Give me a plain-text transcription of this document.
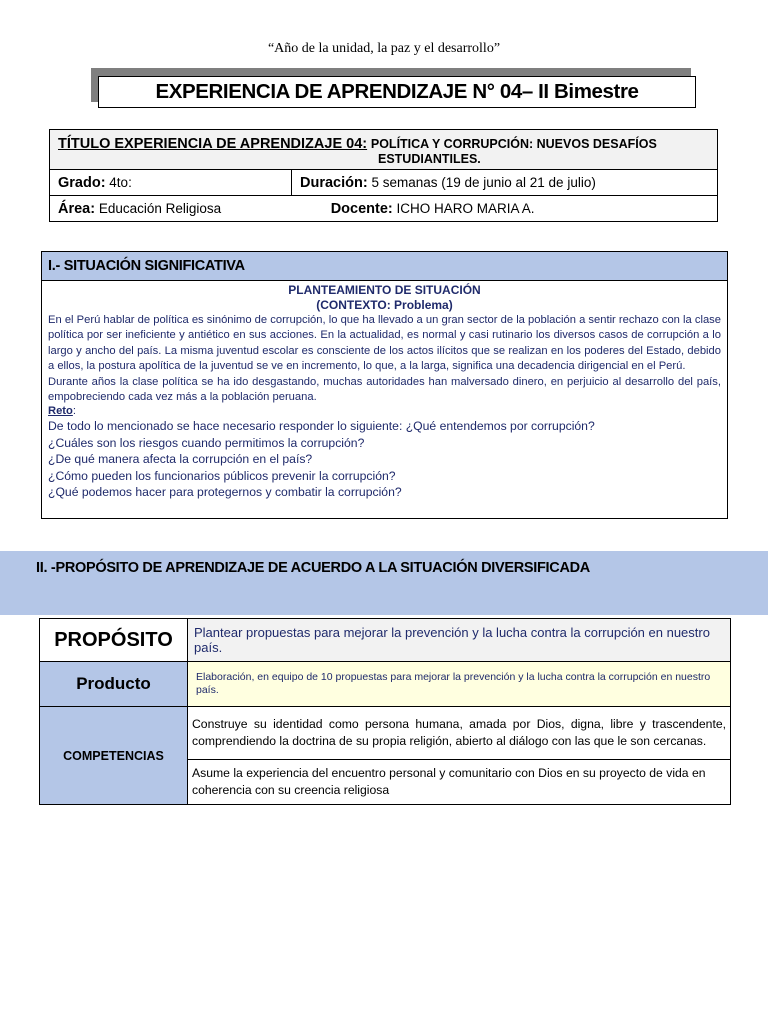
“Año de la unidad, la paz y el desarrollo”
EXPERIENCIA DE APRENDIZAJE N° 04– II Bimestre
TÍTULO EXPERIENCIA DE APRENDIZAJE 04: POLÍTICA Y CORRUPCIÓN: NUEVOS DESAFÍOS
ESTUDIANTILES.

Grado: 4to:	Duración: 5 semanas (19 de junio al 21 de julio)
Área: Educación Religiosa	Docente: ICHO HARO MARIA A.
I.- SITUACIÓN SIGNIFICATIVA
PLANTEAMIENTO DE SITUACIÓN
(CONTEXTO: Problema)
En el Perú hablar de política es sinónimo de corrupción, lo que ha llevado a un gran sector de la población a sentir rechazo con la clase política por ser ineficiente y antiético en sus acciones. En la actualidad, es normal y casi rutinario los diversos casos de corrupción a lo largo y ancho del país. La misma juventud escolar es consciente de los actos ilícitos que se realizan en los poderes del Estado, debido a ellos, la postura apolítica de la juventud se ve en incremento, lo que, a la larga, significa una decadencia dirigencial en el Perú.
Durante años la clase política se ha ido desgastando, muchas autoridades han malversado dinero, en perjuicio al desarrollo del país, empobreciendo cada vez más a la población peruana.
Reto:
De todo lo mencionado se hace necesario responder lo siguiente: ¿Qué entendemos por corrupción?
¿Cuáles son los riesgos cuando permitimos la corrupción?
¿De qué manera afecta la corrupción en el país?
¿Cómo pueden los funcionarios públicos prevenir la corrupción?
¿Qué podemos hacer para protegernos y combatir la corrupción?
II. -PROPÓSITO DE APRENDIZAJE DE ACUERDO A LA SITUACIÓN DIVERSIFICADA
PROPÓSITO	Plantear propuestas para mejorar la prevención y la lucha contra la corrupción en nuestro país.
Producto	Elaboración, en equipo de 10 propuestas para mejorar la prevención y la lucha contra la corrupción en nuestro país.
COMPETENCIAS	Construye su identidad como persona humana, amada por Dios, digna, libre y trascendente, comprendiendo la doctrina de su propia religión, abierto al diálogo con las que le son cercanas.
	Asume la experiencia del encuentro personal y comunitario con Dios en su proyecto de vida en coherencia con su creencia religiosa
